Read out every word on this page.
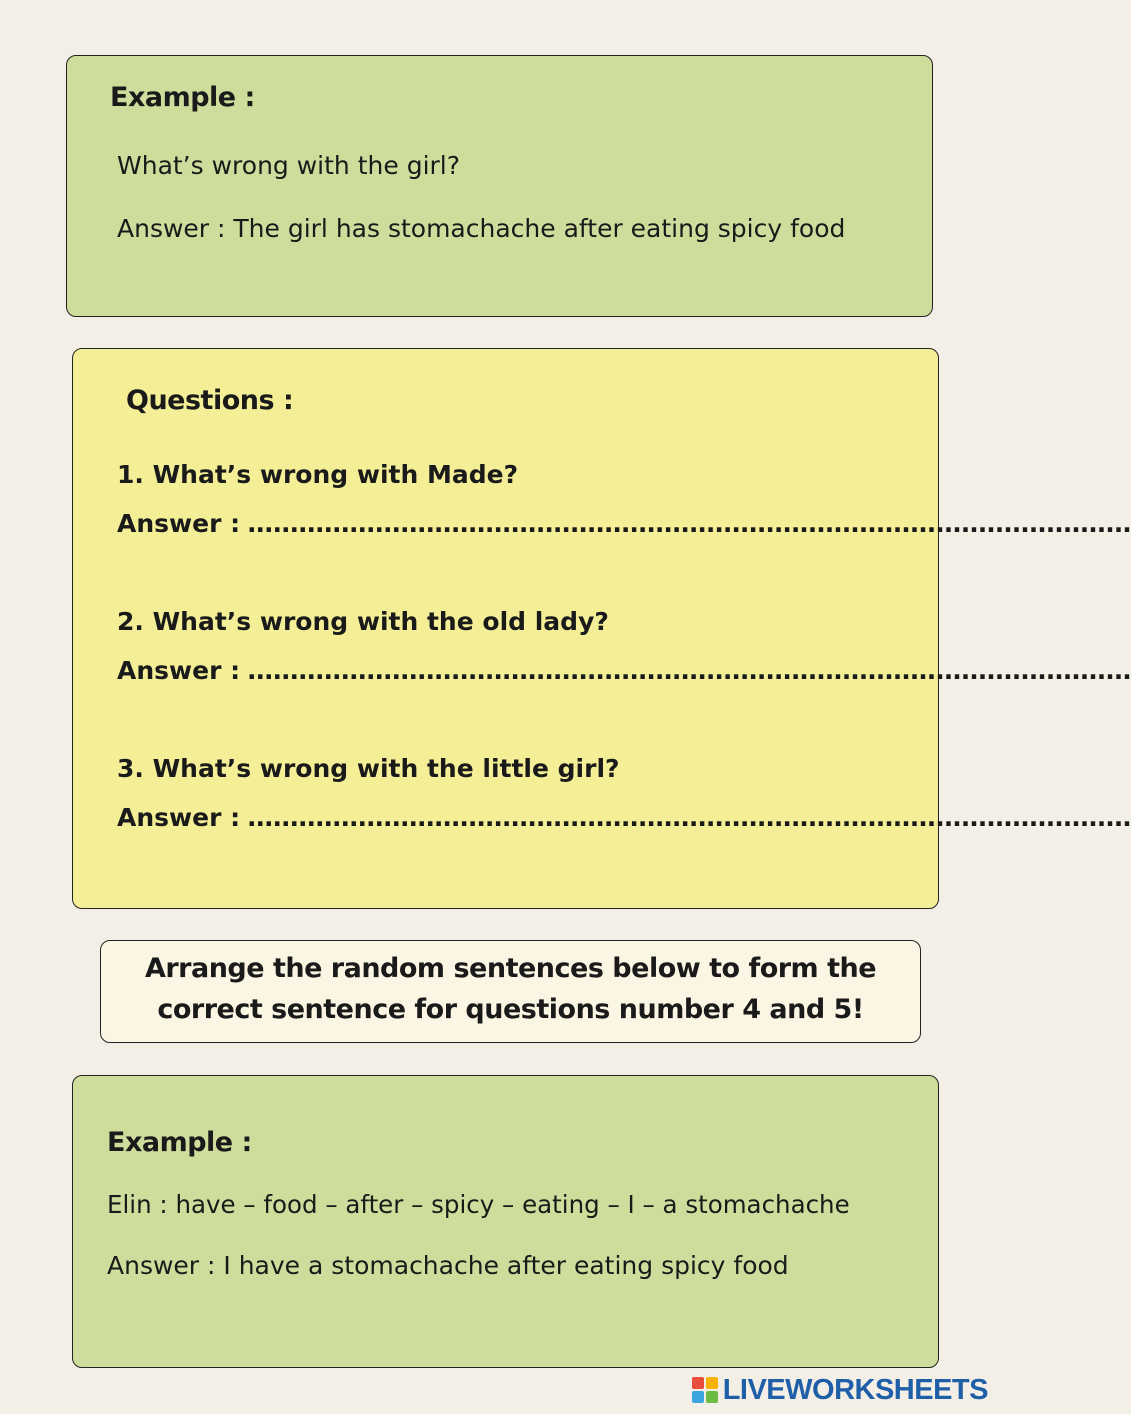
Example :
What’s wrong with the girl?
Answer : The girl has stomachache after eating spicy food
Questions :
1. What’s wrong with Made?
Answer : ........................................................................................................
2. What’s wrong with the old lady?
Answer : ........................................................................................................
3. What’s wrong with the little girl?
Answer : ........................................................................................................
Arrange the random sentences below to form the
correct sentence for questions number 4 and 5!
Example :
Elin : have – food – after – spicy – eating – I – a stomachache
Answer : I have a stomachache after eating spicy food
LIVEWORKSHEETS
